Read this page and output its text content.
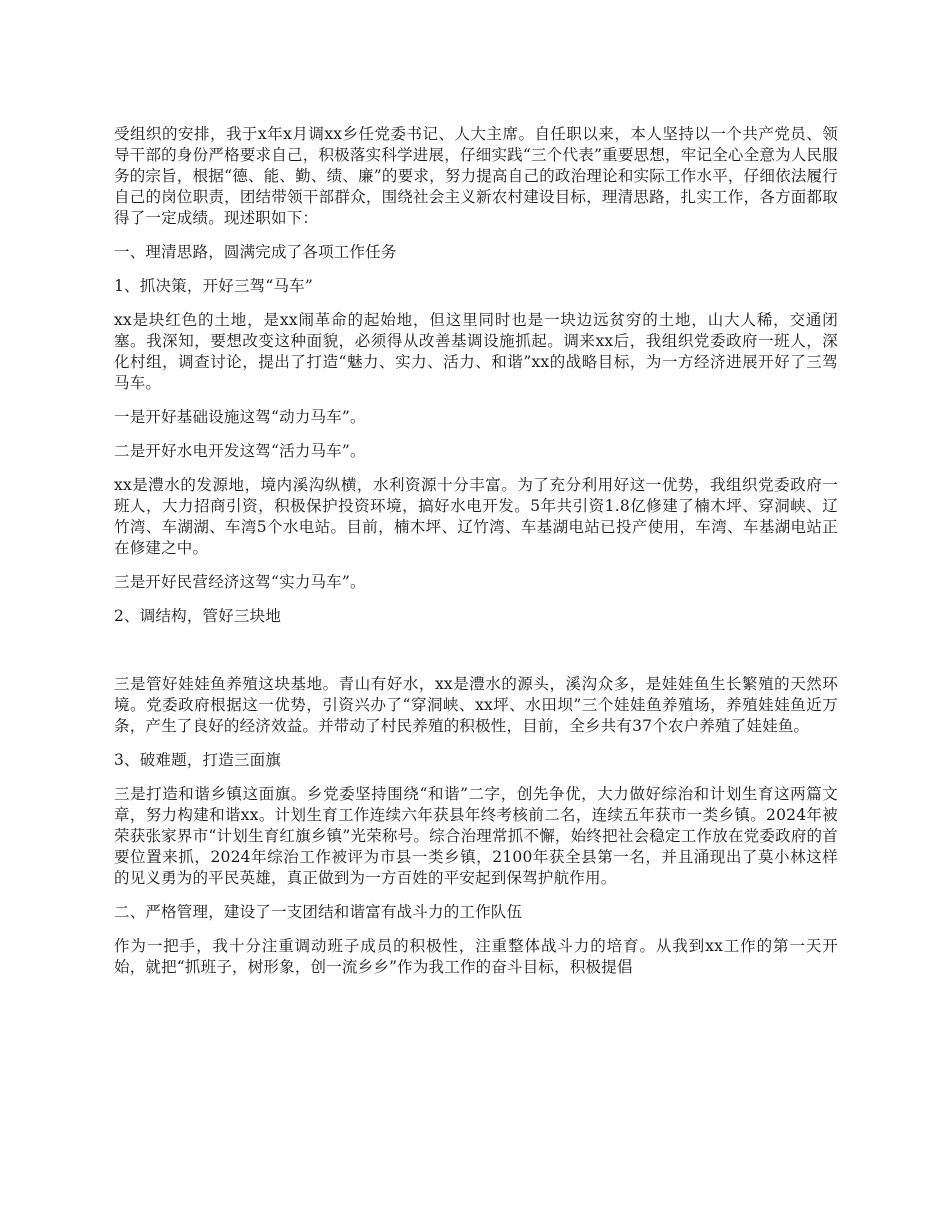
受组织的安排，我于x年x月调xx乡任党委书记、人大主席。自任职以来，本人坚持以一个共产党员、领导干部的身份严格要求自己，积极落实科学进展，仔细实践“三个代表”重要思想，牢记全心全意为人民服务的宗旨，根据“德、能、勤、绩、廉”的要求，努力提高自己的政治理论和实际工作水平，仔细依法履行自己的岗位职责，团结带领干部群众，围绕社会主义新农村建设目标，理清思路，扎实工作，各方面都取得了一定成绩。现述职如下：

一、理清思路，圆满完成了各项工作任务

1、抓决策，开好三驾“马车”

xx是块红色的土地，是xx闹革命的起始地，但这里同时也是一块边远贫穷的土地，山大人稀，交通闭塞。我深知，要想改变这种面貌，必须得从改善基调设施抓起。调来xx后，我组织党委政府一班人，深化村组，调查讨论，提出了打造“魅力、实力、活力、和谐”xx的战略目标，为一方经济进展开好了三驾马车。

一是开好基础设施这驾“动力马车”。

二是开好水电开发这驾“活力马车”。

xx是澧水的发源地，境内溪沟纵横，水利资源十分丰富。为了充分利用好这一优势，我组织党委政府一班人，大力招商引资，积极保护投资环境，搞好水电开发。5年共引资1.8亿修建了楠木坪、穿洞峡、辽竹湾、车湖湖、车湾5个水电站。目前，楠木坪、辽竹湾、车基湖电站已投产使用，车湾、车基湖电站正在修建之中。

三是开好民营经济这驾“实力马车”。

2、调结构，管好三块地

三是管好娃娃鱼养殖这块基地。青山有好水，xx是澧水的源头，溪沟众多，是娃娃鱼生长繁殖的天然环境。党委政府根据这一优势，引资兴办了“穿洞峡、xx坪、水田坝”三个娃娃鱼养殖场，养殖娃娃鱼近万条，产生了良好的经济效益。并带动了村民养殖的积极性，目前，全乡共有37个农户养殖了娃娃鱼。

3、破难题，打造三面旗

三是打造和谐乡镇这面旗。乡党委坚持围绕“和谐”二字，创先争优，大力做好综治和计划生育这两篇文章，努力构建和谐xx。计划生育工作连续六年获县年终考核前二名，连续五年获市一类乡镇。2024年被荣获张家界市“计划生育红旗乡镇”光荣称号。综合治理常抓不懈，始终把社会稳定工作放在党委政府的首要位置来抓，2024年综治工作被评为市县一类乡镇，2100年获全县第一名，并且涌现出了莫小林这样的见义勇为的平民英雄，真正做到为一方百姓的平安起到保驾护航作用。

二、严格管理，建设了一支团结和谐富有战斗力的工作队伍

作为一把手，我十分注重调动班子成员的积极性，注重整体战斗力的培育。从我到xx工作的第一天开始，就把“抓班子，树形象，创一流乡乡”作为我工作的奋斗目标，积极提倡
